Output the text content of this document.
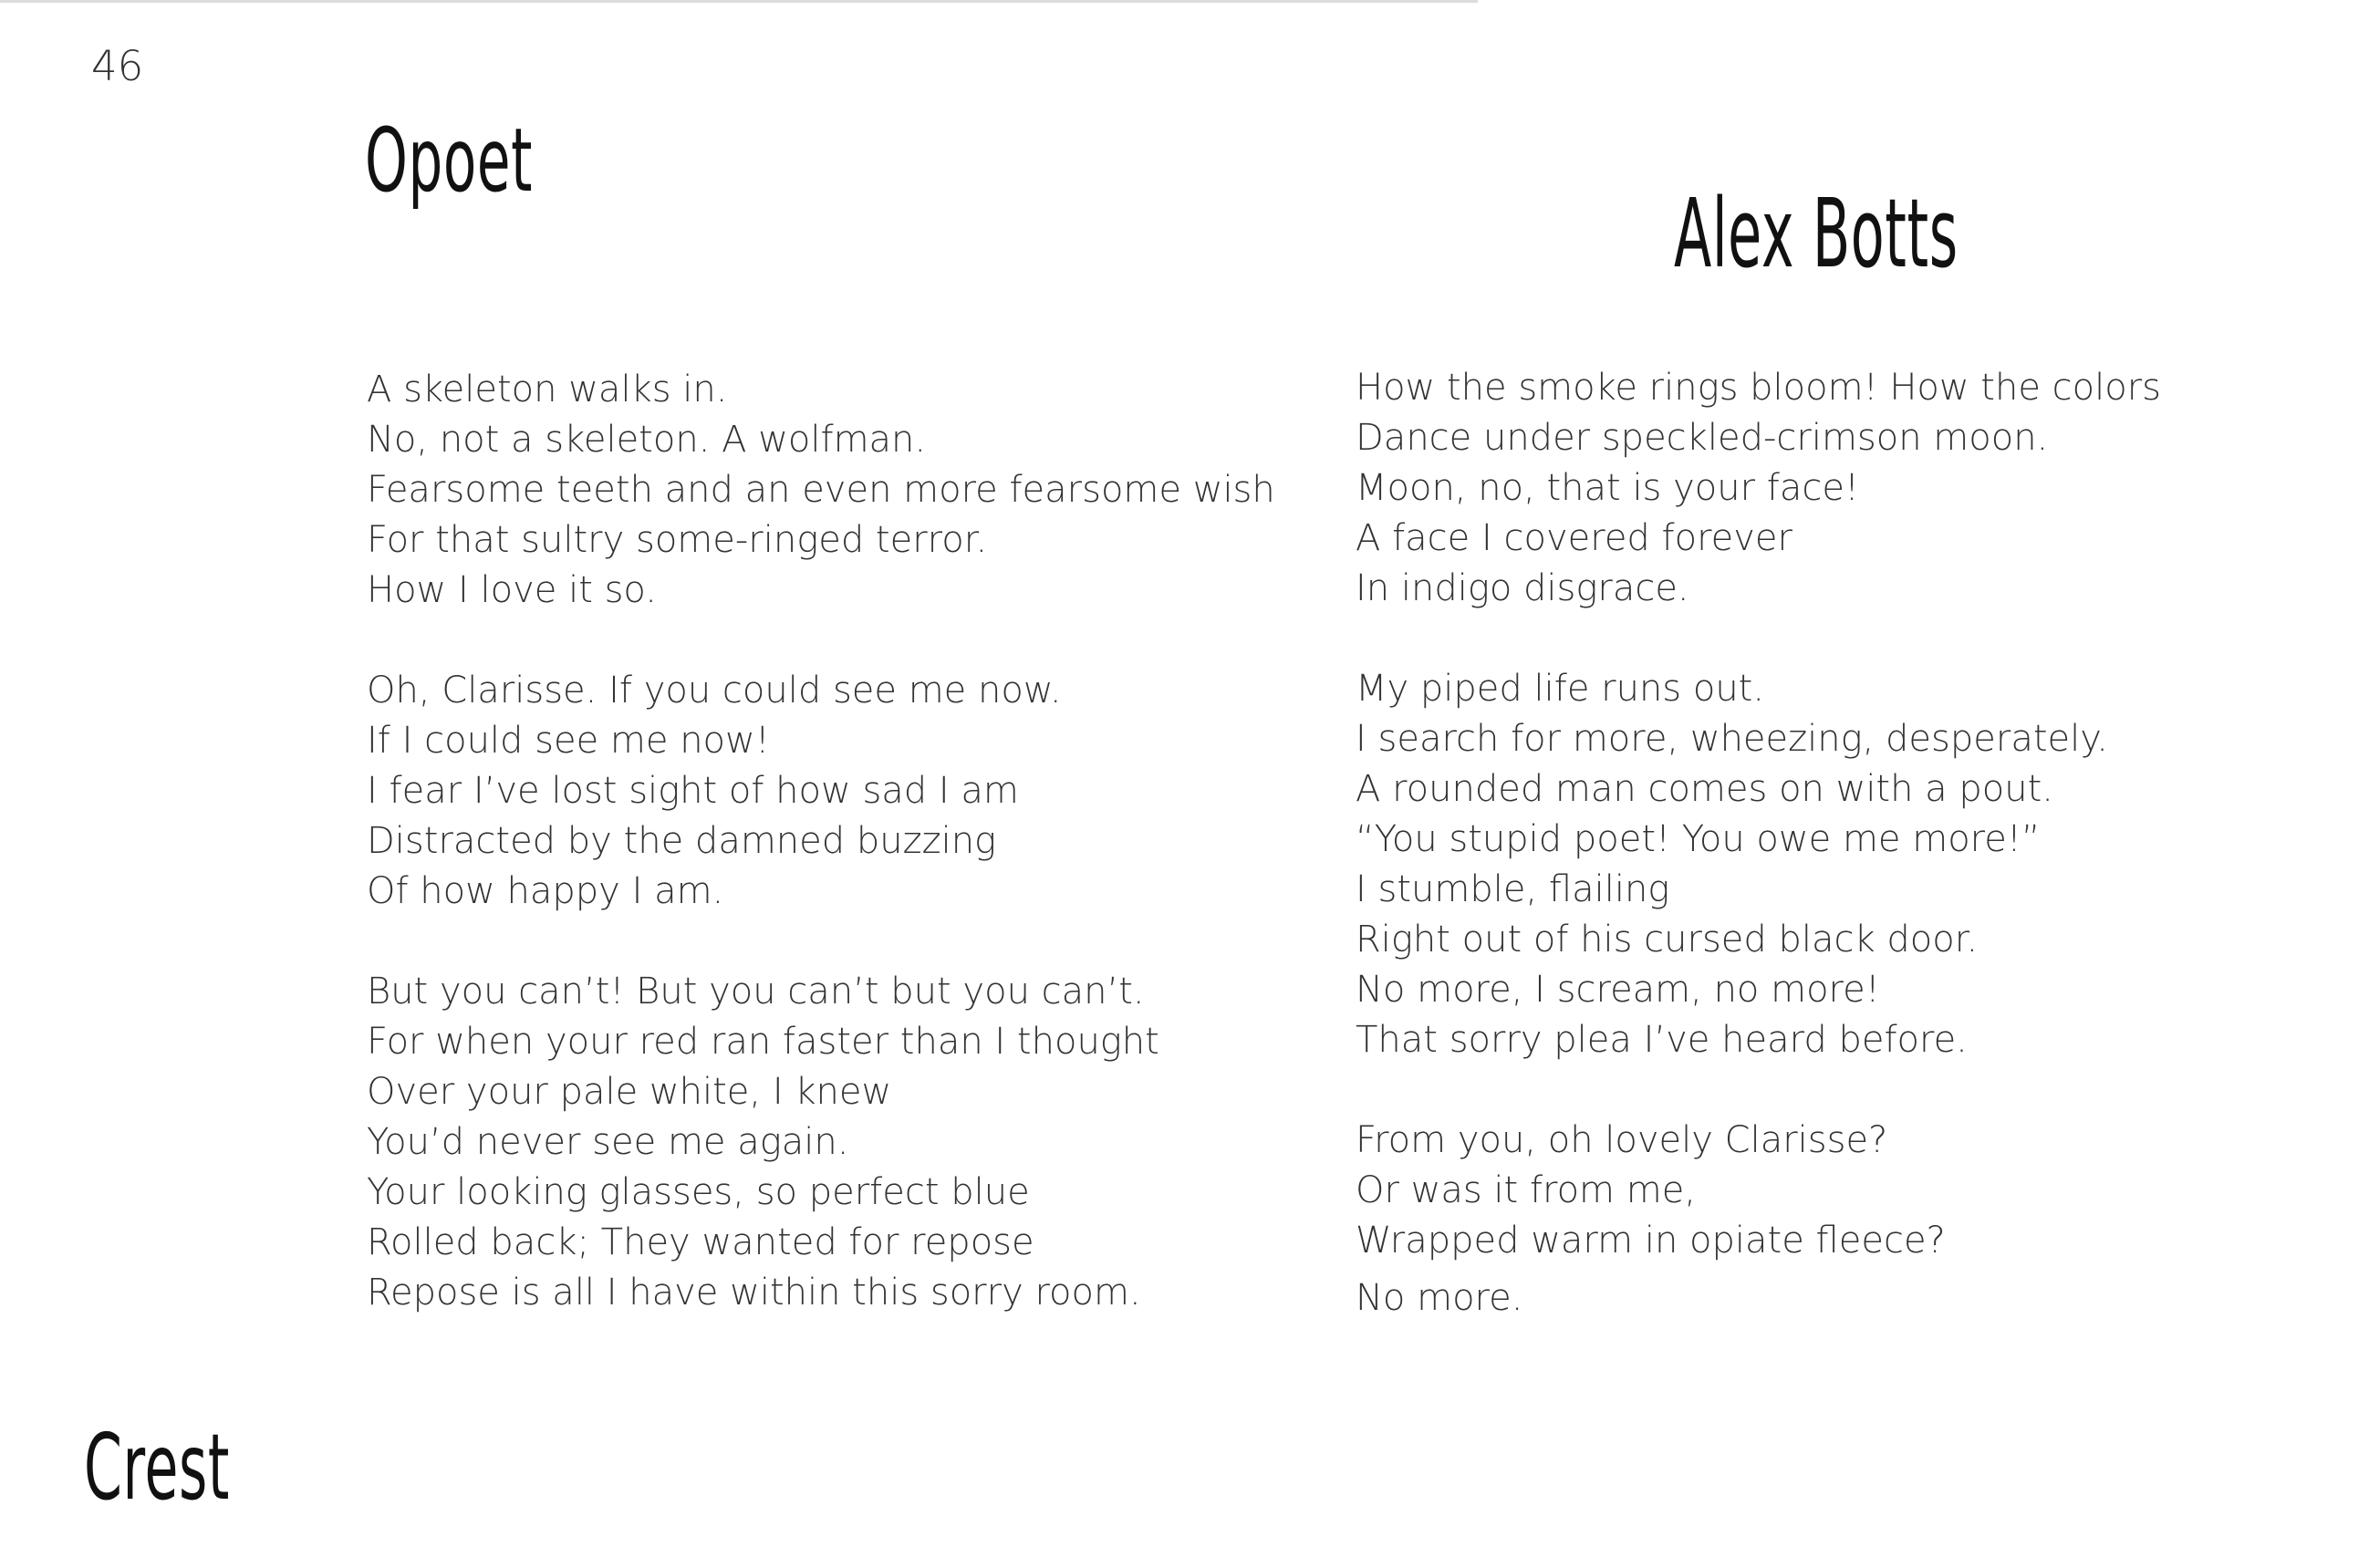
46
Opoet
Alex Botts
A skeleton walks in.
No, not a skeleton. A wolfman.
Fearsome teeth and an even more fearsome wish
For that sultry some-ringed terror.
How I love it so.
Oh, Clarisse. If you could see me now.
If I could see me now!
I fear I’ve lost sight of how sad I am
Distracted by the damned buzzing
Of how happy I am.
But you can’t! But you can’t but you can’t.
For when your red ran faster than I thought
Over your pale white, I knew
You’d never see me again.
Your looking glasses, so perfect blue
Rolled back; They wanted for repose
Repose is all I have within this sorry room.
How the smoke rings bloom! How the colors
Dance under speckled-crimson moon.
Moon, no, that is your face!
A face I covered forever
In indigo disgrace.
My piped life runs out.
I search for more, wheezing, desperately.
A rounded man comes on with a pout.
“You stupid poet! You owe me more!”
I stumble, flailing
Right out of his cursed black door.
No more, I scream, no more!
That sorry plea I’ve heard before.
From you, oh lovely Clarisse?
Or was it from me,
Wrapped warm in opiate fleece?
No more.
Crest
